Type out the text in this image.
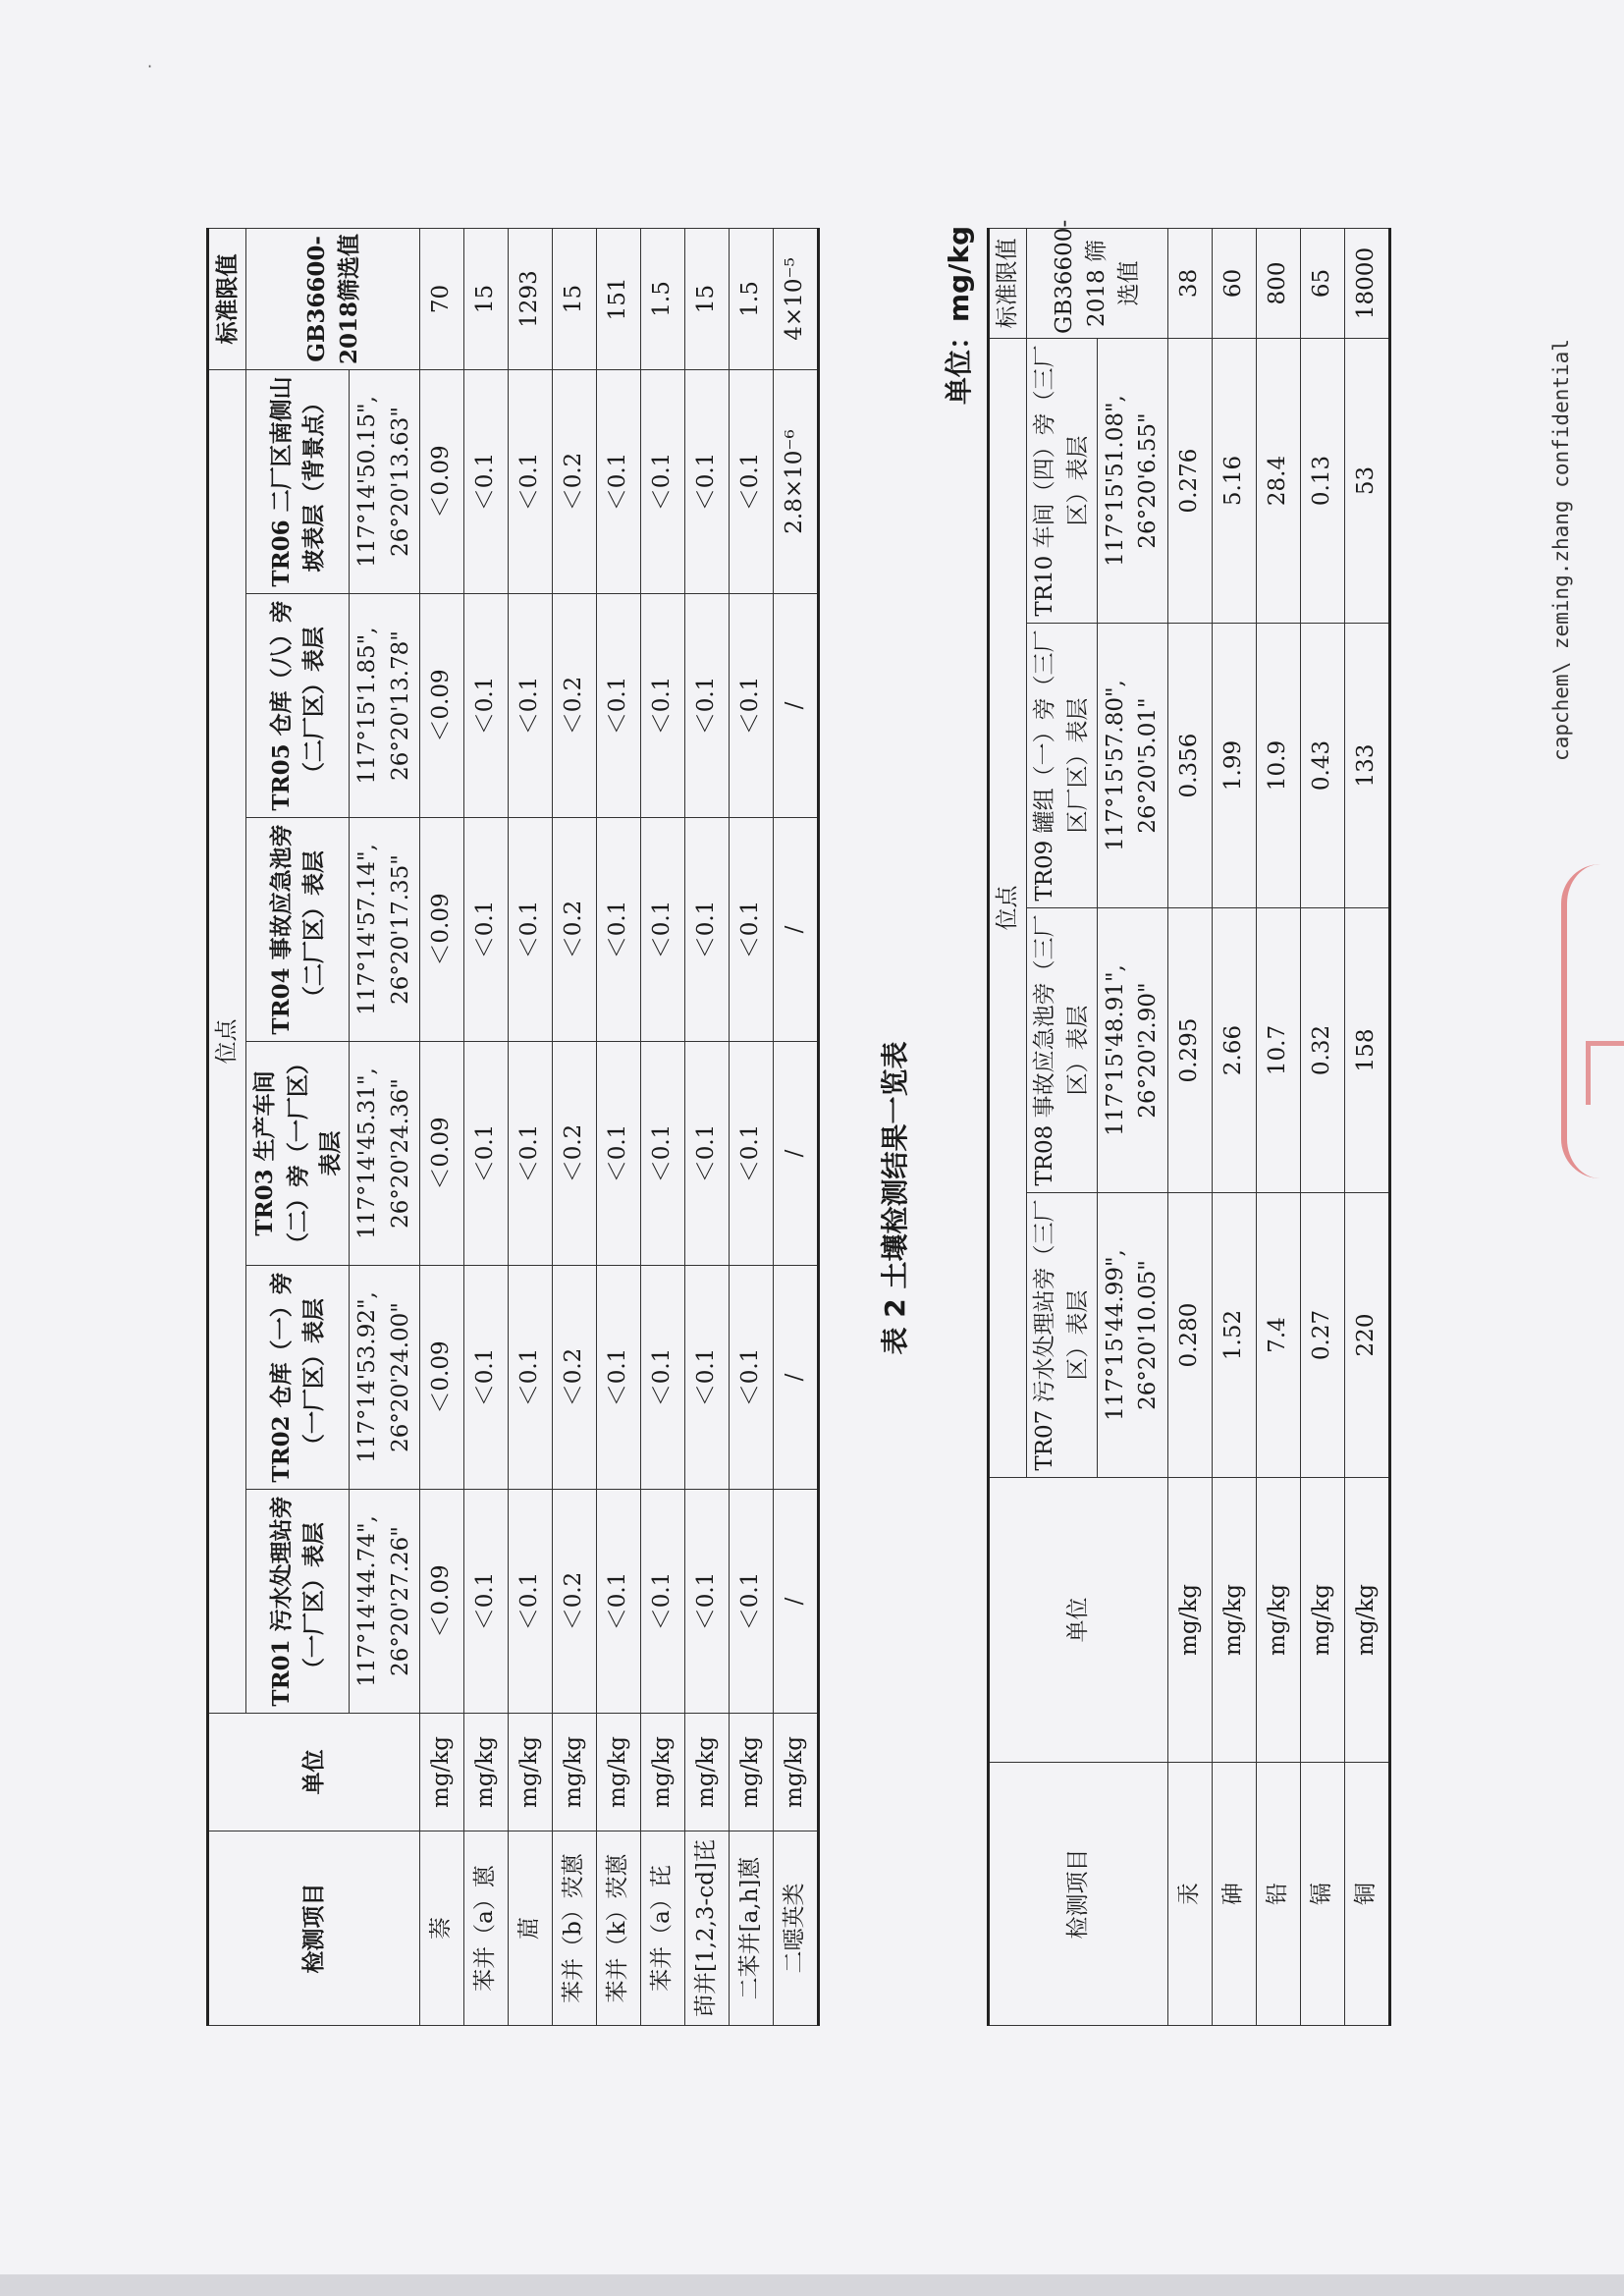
·
capchem\ zeming.zhang confidential
检测项目	单位	位点						标准限值
		TR01 污水处理站旁（一厂区）表层	TR02 仓库（一）旁（一厂区）表层	TR03 生产车间（二）旁（一厂区）表层	TR04 事故应急池旁（二厂区）表层	TR05 仓库（八）旁（二厂区）表层	TR06 二厂区南侧山坡表层（背景点）	GB36600-2018筛选值
		117°14'44.74", 26°20'27.26"	117°14'53.92", 26°20'24.00"	117°14'45.31", 26°20'24.36"	117°14'57.14", 26°20'17.35"	117°15'1.85", 26°20'13.78"	117°14'50.15", 26°20'13.63"	
萘	mg/kg	＜0.09	＜0.09	＜0.09	＜0.09	＜0.09	＜0.09	70
苯并（a）蒽	mg/kg	＜0.1	＜0.1	＜0.1	＜0.1	＜0.1	＜0.1	15
䓛	mg/kg	＜0.1	＜0.1	＜0.1	＜0.1	＜0.1	＜0.1	1293
苯并（b）荧蒽	mg/kg	＜0.2	＜0.2	＜0.2	＜0.2	＜0.2	＜0.2	15
苯并（k）荧蒽	mg/kg	＜0.1	＜0.1	＜0.1	＜0.1	＜0.1	＜0.1	151
苯并（a）芘	mg/kg	＜0.1	＜0.1	＜0.1	＜0.1	＜0.1	＜0.1	1.5
茚并[1,2,3-cd]芘	mg/kg	＜0.1	＜0.1	＜0.1	＜0.1	＜0.1	＜0.1	15
二苯并[a,h]蒽	mg/kg	＜0.1	＜0.1	＜0.1	＜0.1	＜0.1	＜0.1	1.5
二噁英类	mg/kg	/	/	/	/	/	2.8×10⁻⁶	4×10⁻⁵
表 2 土壤检测结果一览表
单位：mg/kg
检测项目	单位	位点				标准限值
		TR07 污水处理站旁（三厂区）表层	TR08 事故应急池旁（三厂区）表层	TR09 罐组（一）旁（三厂区厂区）表层	TR10 车间（四）旁（三厂区）表层	GB36600-2018 筛选值
		117°15'44.99", 26°20'10.05"	117°15'48.91", 26°20'2.90"	117°15'57.80", 26°20'5.01"	117°15'51.08", 26°20'6.55"	
汞	mg/kg	0.280	0.295	0.356	0.276	38
砷	mg/kg	1.52	2.66	1.99	5.16	60
铅	mg/kg	7.4	10.7	10.9	28.4	800
镉	mg/kg	0.27	0.32	0.43	0.13	65
铜	mg/kg	220	158	133	53	18000
